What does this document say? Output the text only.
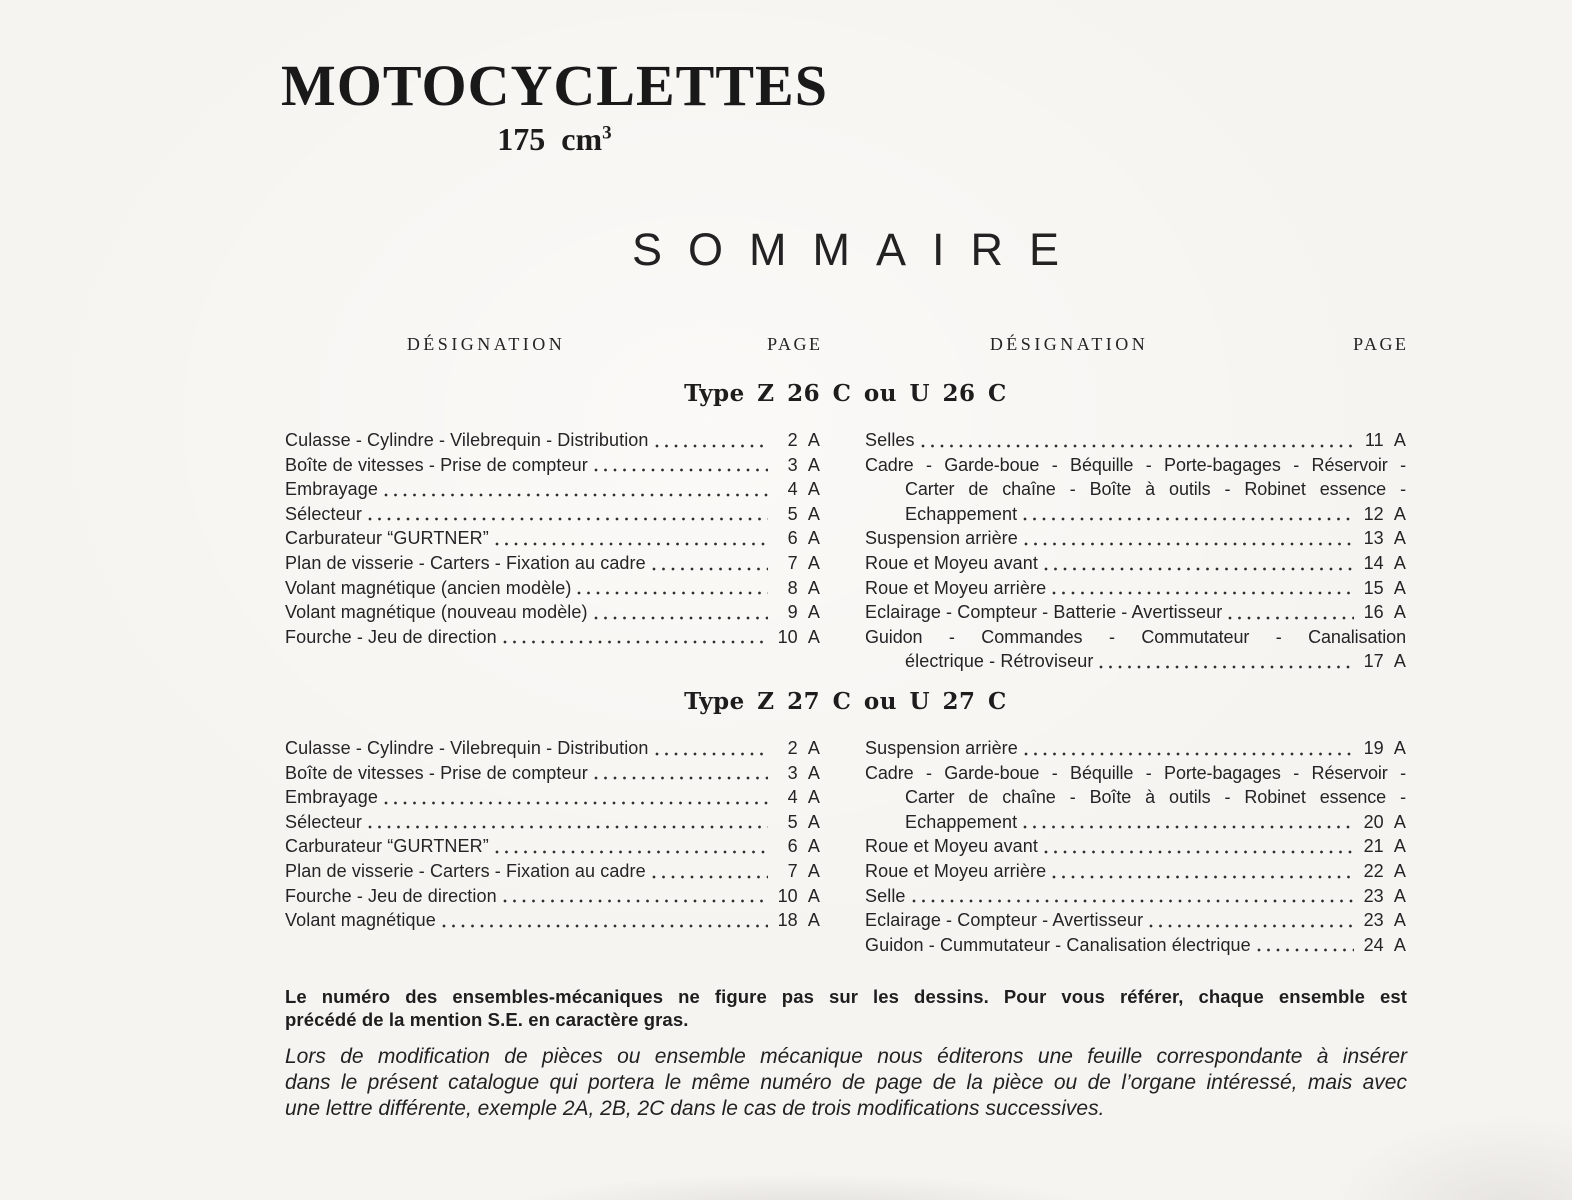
MOTOCYCLETTES
175 $cm^3$
SOMMAIRE
DÉSIGNATION	PAGE	DÉSIGNATION	PAGE
Type Z 26 C ou U 26 C
Culasse - Cylindre - Vilebrequin - Distribution	2 A
Boîte de vitesses - Prise de compteur	3 A
Embrayage	4 A
Sélecteur	5 A
Carburateur “GURTNER”	6 A
Plan de visserie - Carters - Fixation au cadre	7 A
Volant magnétique (ancien modèle)	8 A
Volant magnétique (nouveau modèle)	9 A
Fourche - Jeu de direction	10 A
Selles	11 A
Cadre - Garde-boue - Béquille - Porte-bagages - Réservoir -
Carter de chaîne - Boîte à outils - Robinet essence -
Echappement	12 A
Suspension arrière	13 A
Roue et Moyeu avant	14 A
Roue et Moyeu arrière	15 A
Eclairage - Compteur - Batterie - Avertisseur	16 A
Guidon - Commandes - Commutateur - Canalisation
électrique - Rétroviseur	17 A
Type Z 27 C ou U 27 C
Culasse - Cylindre - Vilebrequin - Distribution	2 A
Boîte de vitesses - Prise de compteur	3 A
Embrayage	4 A
Sélecteur	5 A
Carburateur “GURTNER”	6 A
Plan de visserie - Carters - Fixation au cadre	7 A
Fourche - Jeu de direction	10 A
Volant magnétique	18 A
Suspension arrière	19 A
Cadre - Garde-boue - Béquille - Porte-bagages - Réservoir -
Carter de chaîne - Boîte à outils - Robinet essence -
Echappement	20 A
Roue et Moyeu avant	21 A
Roue et Moyeu arrière	22 A
Selle	23 A
Eclairage - Compteur - Avertisseur	23 A
Guidon - Cummutateur - Canalisation électrique	24 A
Le numéro des ensembles-mécaniques ne figure pas sur les dessins. Pour vous référer, chaque ensemble est
précédé de la mention S.E. en caractère gras.
Lors de modification de pièces ou ensemble mécanique nous éditerons une feuille correspondante à insérer
dans le présent catalogue qui portera le même numéro de page de la pièce ou de l’organe intéressé, mais avec
une lettre différente, exemple 2A, 2B, 2C dans le cas de trois modifications successives.
